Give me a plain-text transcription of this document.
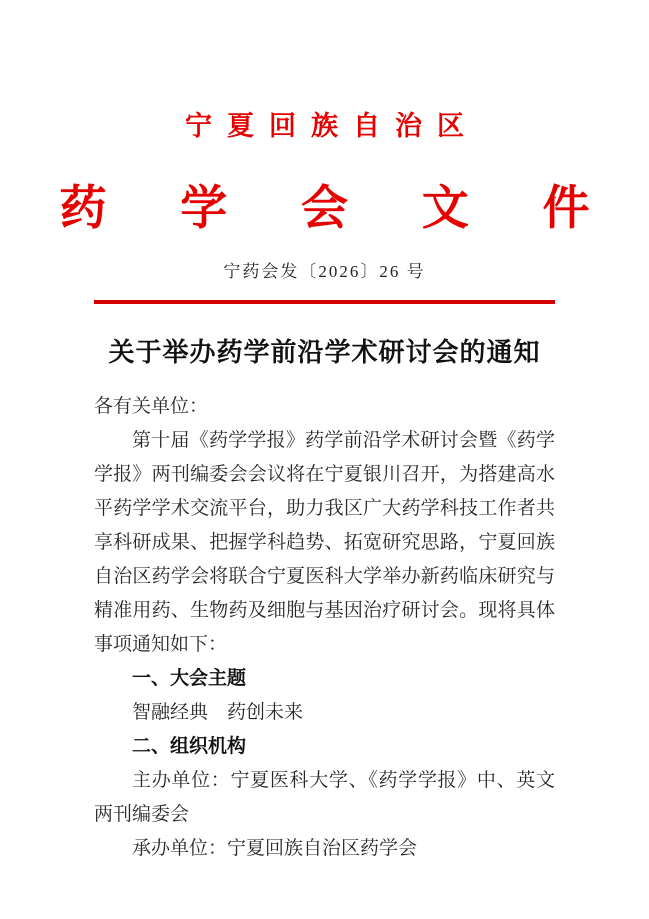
宁夏回族自治区
药 学 会 文 件
宁药会发〔2026〕26 号
关于举办药学前沿学术研讨会的通知

各有关单位：

第十届《药学学报》药学前沿学术研讨会暨《药学学报》两刊编委会会议将在宁夏银川召开，为搭建高水平药学学术交流平台，助力我区广大药学科技工作者共享科研成果、把握学科趋势、拓宽研究思路，宁夏回族自治区药学会将联合宁夏医科大学举办新药临床研究与精准用药、生物药及细胞与基因治疗研讨会。现将具体事项通知如下：

一、大会主题

智融经典　药创未来

二、组织机构

主办单位：宁夏医科大学、《药学学报》中、英文两刊编委会

承办单位：宁夏回族自治区药学会
